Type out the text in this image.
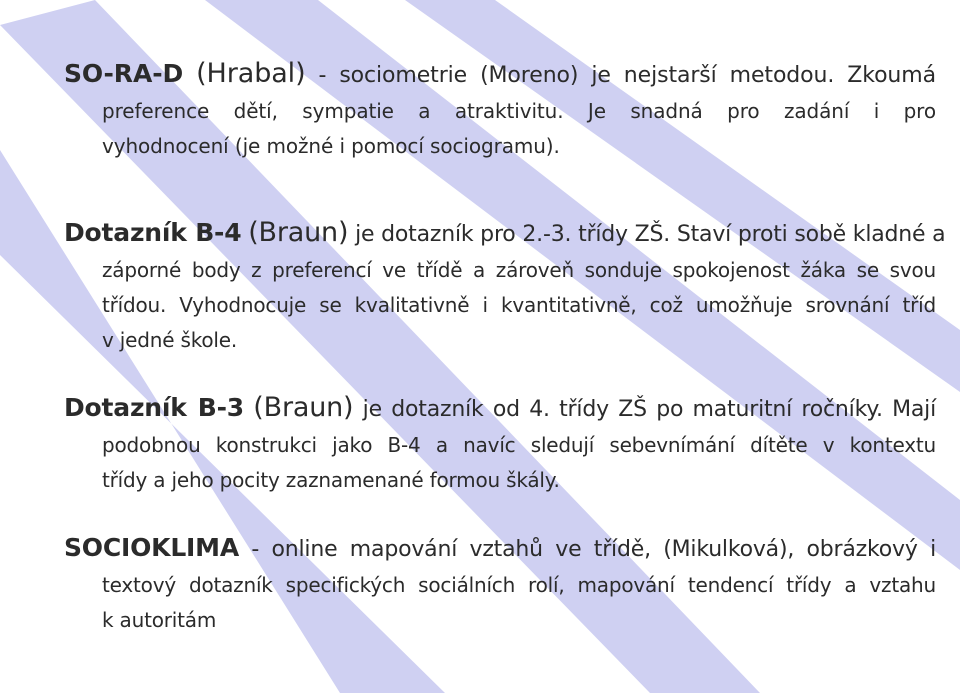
SO-RA-D (Hrabal) - sociometrie (Moreno) je nejstarší metodou. Zkoumá
preference dětí, sympatie a atraktivitu. Je snadná pro zadání i pro
vyhodnocení (je možné i pomocí sociogramu).
Dotazník B-4 (Braun) je dotazník pro 2.-3. třídy ZŠ. Staví proti sobě kladné a
záporné body z preferencí ve třídě a zároveň sonduje spokojenost žáka se svou
třídou. Vyhodnocuje se kvalitativně i kvantitativně, což umožňuje srovnání tříd
v jedné škole.
Dotazník B-3 (Braun) je dotazník od 4. třídy ZŠ po maturitní ročníky. Mají
podobnou konstrukci jako B-4 a navíc sledují sebevnímání dítěte v kontextu
třídy a jeho pocity zaznamenané formou škály.
SOCIOKLIMA - online mapování vztahů ve třídě, (Mikulková), obrázkový i
textový dotazník specifických sociálních rolí, mapování tendencí třídy a vztahu
k autoritám
